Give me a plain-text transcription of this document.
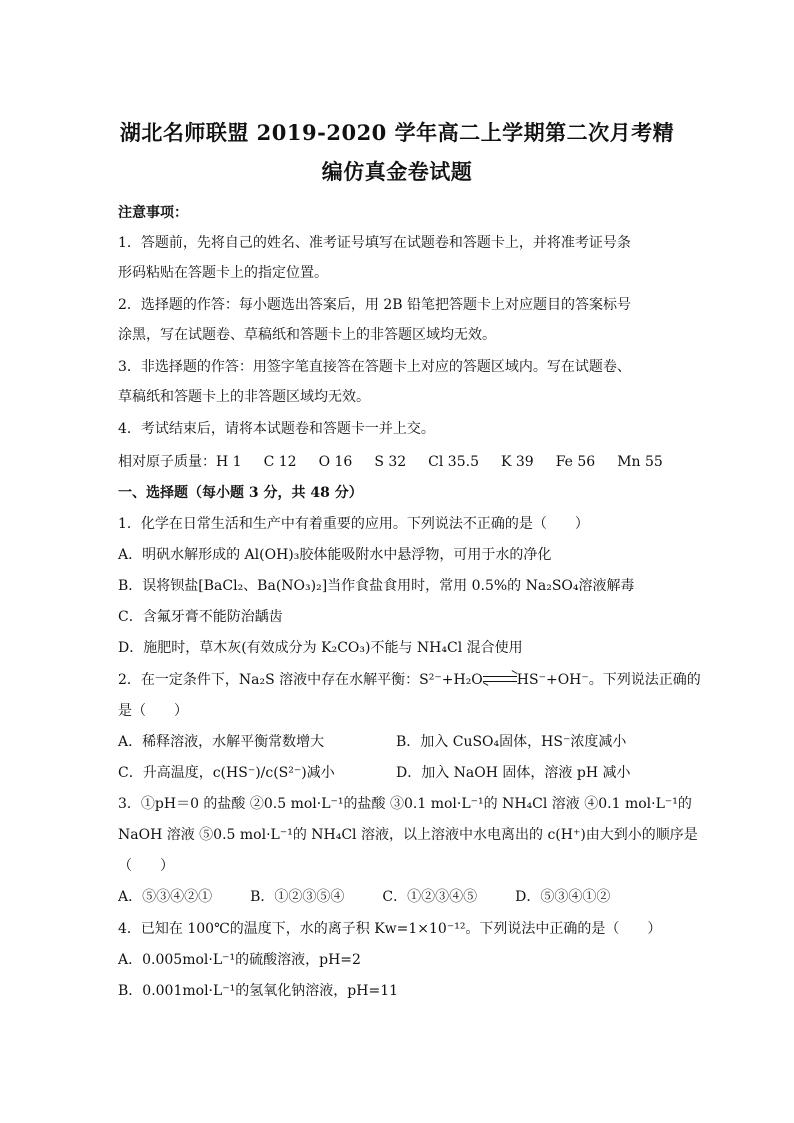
湖北名师联盟 2019-2020 学年高二上学期第二次月考精
编仿真金卷试题
注意事项：
1．答题前，先将自己的姓名、准考证号填写在试题卷和答题卡上，并将准考证号条
形码粘贴在答题卡上的指定位置。
2．选择题的作答：每小题选出答案后，用 2B 铅笔把答题卡上对应题目的答案标号
涂黑，写在试题卷、草稿纸和答题卡上的非答题区域均无效。
3．非选择题的作答：用签字笔直接答在答题卡上对应的答题区域内。写在试题卷、
草稿纸和答题卡上的非答题区域均无效。
4．考试结束后，请将本试题卷和答题卡一并上交。
相对原子质量：H 1 C 12 O 16 S 32 Cl 35.5 K 39 Fe 56 Mn 55
一、选择题（每小题 3 分，共 48 分）
1．化学在日常生活和生产中有着重要的应用。下列说法不正确的是（　　）
A．明矾水解形成的 Al(OH)₃胶体能吸附水中悬浮物，可用于水的净化
B．误将钡盐[BaCl₂、Ba(NO₃)₂]当作食盐食用时，常用 0.5%的 Na₂SO₄溶液解毒
C．含氟牙膏不能防治龋齿
D．施肥时，草木灰(有效成分为 K₂CO₃)不能与 NH₄Cl 混合使用
2．在一定条件下，Na₂S 溶液中存在水解平衡：S²⁻+H₂O⇌HS⁻+OH⁻。下列说法正确的
是（　　）
A．稀释溶液，水解平衡常数增大	B．加入 CuSO₄固体，HS⁻浓度减小
C．升高温度，c(HS⁻)/c(S²⁻)减小	D．加入 NaOH 固体，溶液 pH 减小
3．①pH＝0 的盐酸 ②0.5 mol·L⁻¹的盐酸 ③0.1 mol·L⁻¹的 NH₄Cl 溶液 ④0.1 mol·L⁻¹的
NaOH 溶液 ⑤0.5 mol·L⁻¹的 NH₄Cl 溶液，以上溶液中水电离出的 c(H⁺)由大到小的顺序是
（　　）
A．⑤③④②①	B．①②③⑤④	C．①②③④⑤	D．⑤③④①②
4．已知在 100℃的温度下，水的离子积 Kw=1×10⁻¹²。下列说法中正确的是（　　）
A．0.005mol·L⁻¹的硫酸溶液，pH=2
B．0.001mol·L⁻¹的氢氧化钠溶液，pH=11
